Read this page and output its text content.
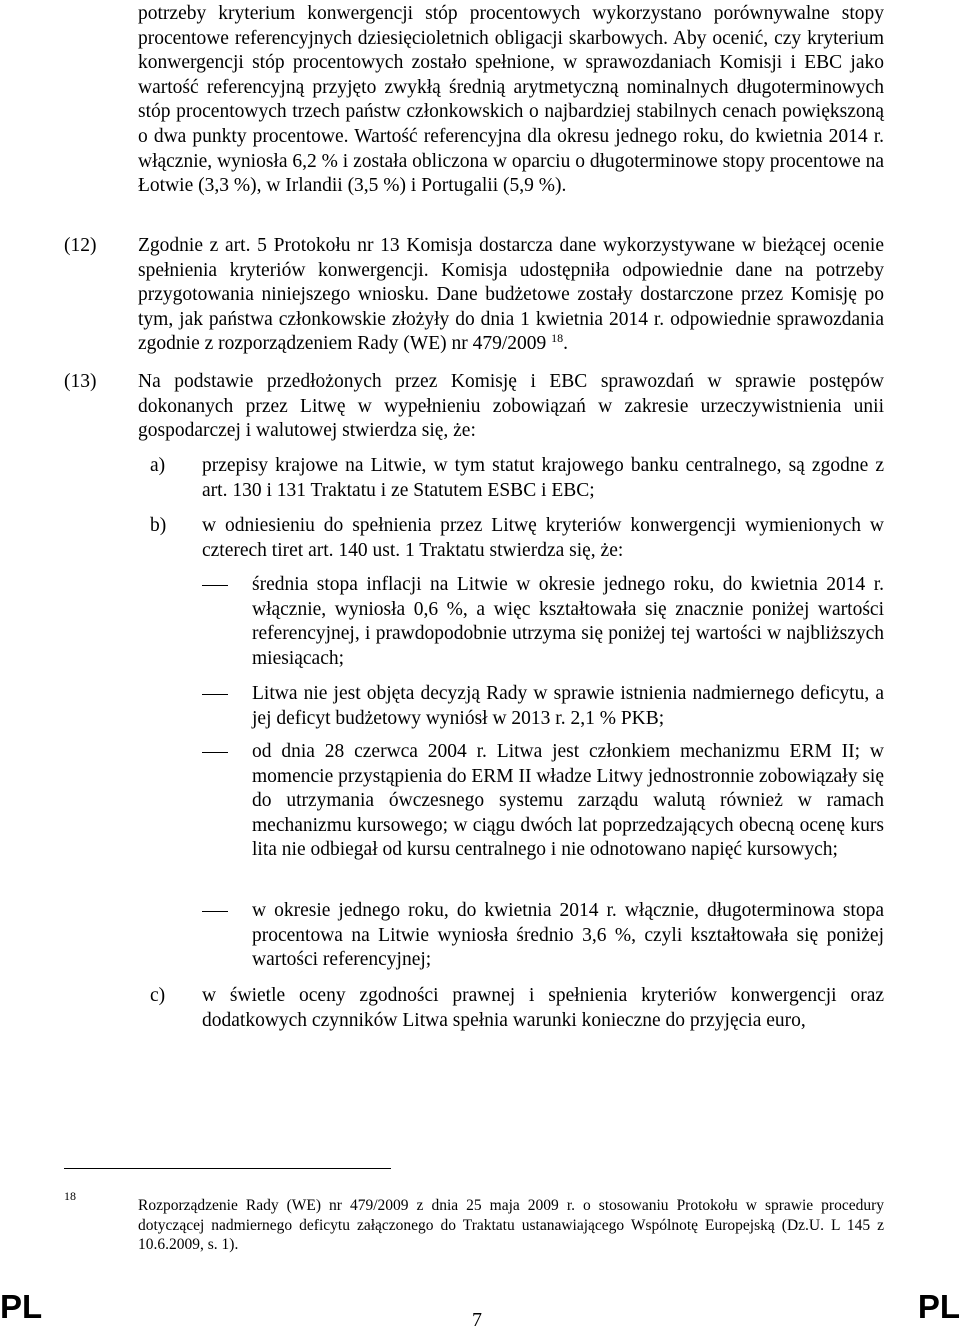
potrzeby kryterium konwergencji stóp procentowych wykorzystano porównywalne stopy procentowe referencyjnych dziesięcioletnich obligacji skarbowych. Aby ocenić, czy kryterium konwergencji stóp procentowych zostało spełnione, w sprawozdaniach Komisji i EBC jako wartość referencyjną przyjęto zwykłą średnią arytmetyczną nominalnych długoterminowych stóp procentowych trzech państw członkowskich o najbardziej stabilnych cenach powiększoną o dwa punkty procentowe. Wartość referencyjna dla okresu jednego roku, do kwietnia 2014 r. włącznie, wyniosła 6,2 % i została obliczona w oparciu o długoterminowe stopy procentowe na Łotwie (3,3 %), w Irlandii (3,5 %) i Portugalii (5,9 %).

(12) Zgodnie z art. 5 Protokołu nr 13 Komisja dostarcza dane wykorzystywane w bieżącej ocenie spełnienia kryteriów konwergencji. Komisja udostępniła odpowiednie dane na potrzeby przygotowania niniejszego wniosku. Dane budżetowe zostały dostarczone przez Komisję po tym, jak państwa członkowskie złożyły do dnia 1 kwietnia 2014 r. odpowiednie sprawozdania zgodnie z rozporządzeniem Rady (WE) nr 479/2009 $^{18}$.

(13) Na podstawie przedłożonych przez Komisję i EBC sprawozdań w sprawie postępów dokonanych przez Litwę w wypełnieniu zobowiązań w zakresie urzeczywistnienia unii gospodarczej i walutowej stwierdza się, że:

a) przepisy krajowe na Litwie, w tym statut krajowego banku centralnego, są zgodne z art. 130 i 131 Traktatu i ze Statutem ESBC i EBC;

b) w odniesieniu do spełnienia przez Litwę kryteriów konwergencji wymienionych w czterech tiret art. 140 ust. 1 Traktatu stwierdza się, że:

średnia stopa inflacji na Litwie w okresie jednego roku, do kwietnia 2014 r. włącznie, wyniosła 0,6 %, a więc kształtowała się znacznie poniżej wartości referencyjnej, i prawdopodobnie utrzyma się poniżej tej wartości w najbliższych miesiącach;

Litwa nie jest objęta decyzją Rady w sprawie istnienia nadmiernego deficytu, a jej deficyt budżetowy wyniósł w 2013 r. 2,1 % PKB;

od dnia 28 czerwca 2004 r. Litwa jest członkiem mechanizmu ERM II; w momencie przystąpienia do ERM II władze Litwy jednostronnie zobowiązały się do utrzymania ówczesnego systemu zarządu walutą również w ramach mechanizmu kursowego; w ciągu dwóch lat poprzedzających obecną ocenę kurs lita nie odbiegał od kursu centralnego i nie odnotowano napięć kursowych;

w okresie jednego roku, do kwietnia 2014 r. włącznie, długoterminowa stopa procentowa na Litwie wyniosła średnio 3,6 %, czyli kształtowała się poniżej wartości referencyjnej;

c) w świetle oceny zgodności prawnej i spełnienia kryteriów konwergencji oraz dodatkowych czynników Litwa spełnia warunki konieczne do przyjęcia euro,

18

Rozporządzenie Rady (WE) nr 479/2009 z dnia 25 maja 2009 r. o stosowaniu Protokołu w sprawie procedury dotyczącej nadmiernego deficytu załączonego do Traktatu ustanawiającego Wspólnotę Europejską (Dz.U. L 145 z 10.6.2009, s. 1).

PL	7	PL
